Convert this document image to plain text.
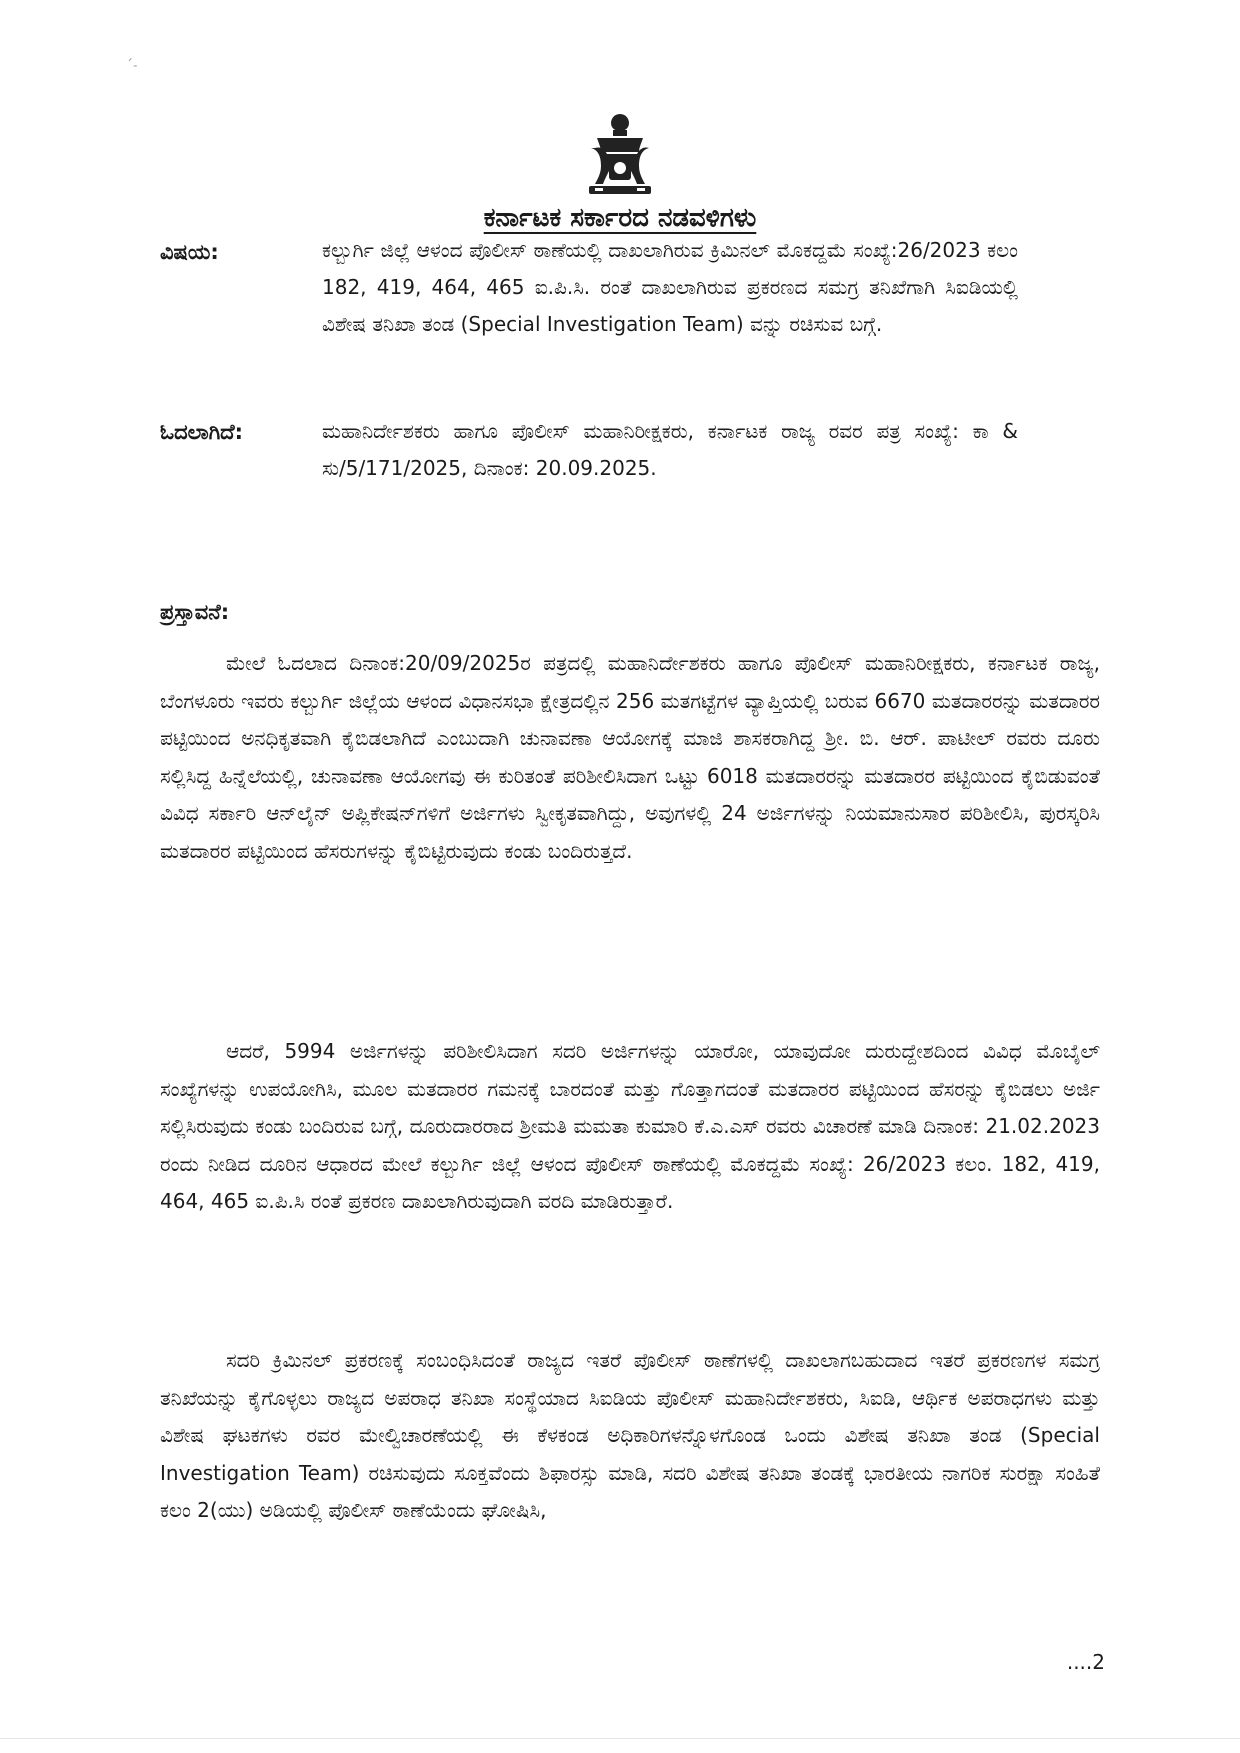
ˊ˗
ಕರ್ನಾಟಕ ಸರ್ಕಾರದ ನಡವಳಿಗಳು
ವಿಷಯ:	ಕಲ್ಬುರ್ಗಿ ಜಿಲ್ಲೆ ಆಳಂದ ಪೊಲೀಸ್ ಠಾಣೆಯಲ್ಲಿ ದಾಖಲಾಗಿರುವ ಕ್ರಿಮಿನಲ್ ಮೊಕದ್ದಮೆ ಸಂಖ್ಯೆ:26/2023 ಕಲಂ 182, 419, 464, 465 ಐ.ಪಿ.ಸಿ. ರಂತೆ ದಾಖಲಾಗಿರುವ ಪ್ರಕರಣದ ಸಮಗ್ರ ತನಿಖೆಗಾಗಿ ಸಿಐಡಿಯಲ್ಲಿ ವಿಶೇಷ ತನಿಖಾ ತಂಡ (Special Investigation Team) ವನ್ನು ರಚಿಸುವ ಬಗ್ಗೆ.
ಓದಲಾಗಿದೆ:	ಮಹಾನಿರ್ದೇಶಕರು ಹಾಗೂ ಪೊಲೀಸ್ ಮಹಾನಿರೀಕ್ಷಕರು, ಕರ್ನಾಟಕ ರಾಜ್ಯ ರವರ ಪತ್ರ ಸಂಖ್ಯೆ: ಕಾ & ಸು/5/171/2025, ದಿನಾಂಕ: 20.09.2025.
ಪ್ರಸ್ತಾವನೆ:
ಮೇಲೆ ಓದಲಾದ ದಿನಾಂಕ:20/09/2025ರ ಪತ್ರದಲ್ಲಿ ಮಹಾನಿರ್ದೇಶಕರು ಹಾಗೂ ಪೊಲೀಸ್ ಮಹಾನಿರೀಕ್ಷಕರು, ಕರ್ನಾಟಕ ರಾಜ್ಯ, ಬೆಂಗಳೂರು ಇವರು ಕಲ್ಬುರ್ಗಿ ಜಿಲ್ಲೆಯ ಆಳಂದ ವಿಧಾನಸಭಾ ಕ್ಷೇತ್ರದಲ್ಲಿನ 256 ಮತಗಟ್ಟೆಗಳ ವ್ಯಾಪ್ತಿಯಲ್ಲಿ ಬರುವ 6670 ಮತದಾರರನ್ನು ಮತದಾರರ ಪಟ್ಟಿಯಿಂದ ಅನಧಿಕೃತವಾಗಿ ಕೈಬಿಡಲಾಗಿದೆ ಎಂಬುದಾಗಿ ಚುನಾವಣಾ ಆಯೋಗಕ್ಕೆ ಮಾಜಿ ಶಾಸಕರಾಗಿದ್ದ ಶ್ರೀ. ಬಿ. ಆರ್. ಪಾಟೀಲ್ ರವರು ದೂರು ಸಲ್ಲಿಸಿದ್ದ ಹಿನ್ನೆಲೆಯಲ್ಲಿ, ಚುನಾವಣಾ ಆಯೋಗವು ಈ ಕುರಿತಂತೆ ಪರಿಶೀಲಿಸಿದಾಗ ಒಟ್ಟು 6018 ಮತದಾರರನ್ನು ಮತದಾರರ ಪಟ್ಟಿಯಿಂದ ಕೈಬಿಡುವಂತೆ ವಿವಿಧ ಸರ್ಕಾರಿ ಆನ್‌ಲೈನ್ ಅಪ್ಲಿಕೇಷನ್‌ಗಳಿಗೆ ಅರ್ಜಿಗಳು ಸ್ವೀಕೃತವಾಗಿದ್ದು, ಅವುಗಳಲ್ಲಿ 24 ಅರ್ಜಿಗಳನ್ನು ನಿಯಮಾನುಸಾರ ಪರಿಶೀಲಿಸಿ, ಪುರಸ್ಕರಿಸಿ ಮತದಾರರ ಪಟ್ಟಿಯಿಂದ ಹೆಸರುಗಳನ್ನು ಕೈಬಿಟ್ಟಿರುವುದು ಕಂಡು ಬಂದಿರುತ್ತದೆ.
ಆದರೆ, 5994 ಅರ್ಜಿಗಳನ್ನು ಪರಿಶೀಲಿಸಿದಾಗ ಸದರಿ ಅರ್ಜಿಗಳನ್ನು ಯಾರೋ, ಯಾವುದೋ ದುರುದ್ದೇಶದಿಂದ ವಿವಿಧ ಮೊಬೈಲ್ ಸಂಖ್ಯೆಗಳನ್ನು ಉಪಯೋಗಿಸಿ, ಮೂಲ ಮತದಾರರ ಗಮನಕ್ಕೆ ಬಾರದಂತೆ ಮತ್ತು ಗೊತ್ತಾಗದಂತೆ ಮತದಾರರ ಪಟ್ಟಿಯಿಂದ ಹೆಸರನ್ನು ಕೈಬಿಡಲು ಅರ್ಜಿ ಸಲ್ಲಿಸಿರುವುದು ಕಂಡು ಬಂದಿರುವ ಬಗ್ಗೆ, ದೂರುದಾರರಾದ ಶ್ರೀಮತಿ ಮಮತಾ ಕುಮಾರಿ ಕೆ.ಎ.ಎಸ್ ರವರು ವಿಚಾರಣೆ ಮಾಡಿ ದಿನಾಂಕ: 21.02.2023 ರಂದು ನೀಡಿದ ದೂರಿನ ಆಧಾರದ ಮೇಲೆ ಕಲ್ಬುರ್ಗಿ ಜಿಲ್ಲೆ ಆಳಂದ ಪೊಲೀಸ್ ಠಾಣೆಯಲ್ಲಿ ಮೊಕದ್ದಮೆ ಸಂಖ್ಯೆ: 26/2023 ಕಲಂ. 182, 419, 464, 465 ಐ.ಪಿ.ಸಿ ರಂತೆ ಪ್ರಕರಣ ದಾಖಲಾಗಿರುವುದಾಗಿ ವರದಿ ಮಾಡಿರುತ್ತಾರೆ.
ಸದರಿ ಕ್ರಿಮಿನಲ್ ಪ್ರಕರಣಕ್ಕೆ ಸಂಬಂಧಿಸಿದಂತೆ ರಾಜ್ಯದ ಇತರೆ ಪೊಲೀಸ್ ಠಾಣೆಗಳಲ್ಲಿ ದಾಖಲಾಗಬಹುದಾದ ಇತರೆ ಪ್ರಕರಣಗಳ ಸಮಗ್ರ ತನಿಖೆಯನ್ನು ಕೈಗೊಳ್ಳಲು ರಾಜ್ಯದ ಅಪರಾಧ ತನಿಖಾ ಸಂಸ್ಥೆಯಾದ ಸಿಐಡಿಯ ಪೊಲೀಸ್ ಮಹಾನಿರ್ದೇಶಕರು, ಸಿಐಡಿ, ಆರ್ಥಿಕ ಅಪರಾಧಗಳು ಮತ್ತು ವಿಶೇಷ ಘಟಕಗಳು ರವರ ಮೇಲ್ವಿಚಾರಣೆಯಲ್ಲಿ ಈ ಕೆಳಕಂಡ ಅಧಿಕಾರಿಗಳನ್ನೊಳಗೊಂಡ ಒಂದು ವಿಶೇಷ ತನಿಖಾ ತಂಡ (Special Investigation Team) ರಚಿಸುವುದು ಸೂಕ್ತವೆಂದು ಶಿಫಾರಸ್ಸು ಮಾಡಿ, ಸದರಿ ವಿಶೇಷ ತನಿಖಾ ತಂಡಕ್ಕೆ ಭಾರತೀಯ ನಾಗರಿಕ ಸುರಕ್ಷಾ ಸಂಹಿತೆ ಕಲಂ 2(ಯು) ಅಡಿಯಲ್ಲಿ ಪೊಲೀಸ್ ಠಾಣೆಯೆಂದು ಘೋಷಿಸಿ,
....2
